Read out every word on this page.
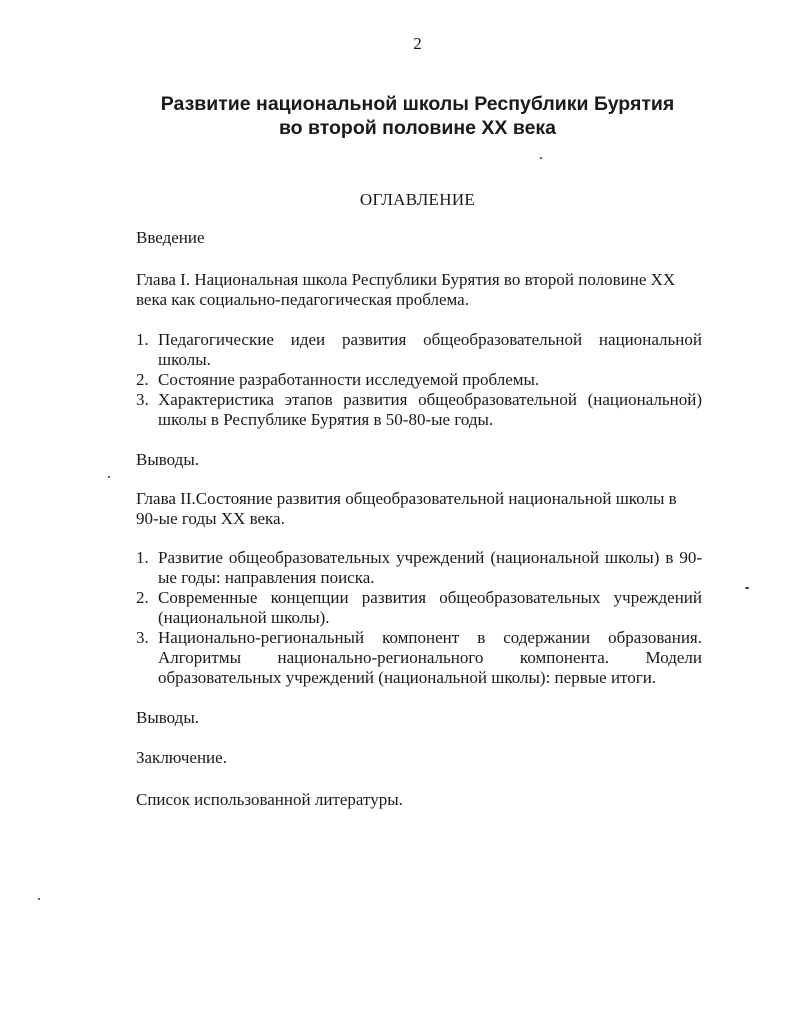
2
Развитие национальной школы Республики Бурятия
во второй половине XX века
ОГЛАВЛЕНИЕ

Введение

Глава I. Национальная школа Республики Бурятия во второй половине XX века как социально-педагогическая проблема.

1. Педагогические идеи развития общеобразовательной национальной школы.
2. Состояние разработанности исследуемой проблемы.
3. Характеристика этапов развития общеобразовательной (национальной) школы в Республике Бурятия в 50-80-ые годы.

Выводы.

Глава II.Состояние развития общеобразовательной национальной школы в 90-ые годы XX века.

1. Развитие общеобразовательных учреждений (национальной школы) в 90-ые годы: направления поиска.
2. Современные концепции развития общеобразовательных учреждений (национальной школы).
3. Национально-региональный компонент в содержании образования. Алгоритмы национально-регионального компонента. Модели образовательных учреждений (национальной школы): первые итоги.

Выводы.

Заключение.

Список использованной литературы.
